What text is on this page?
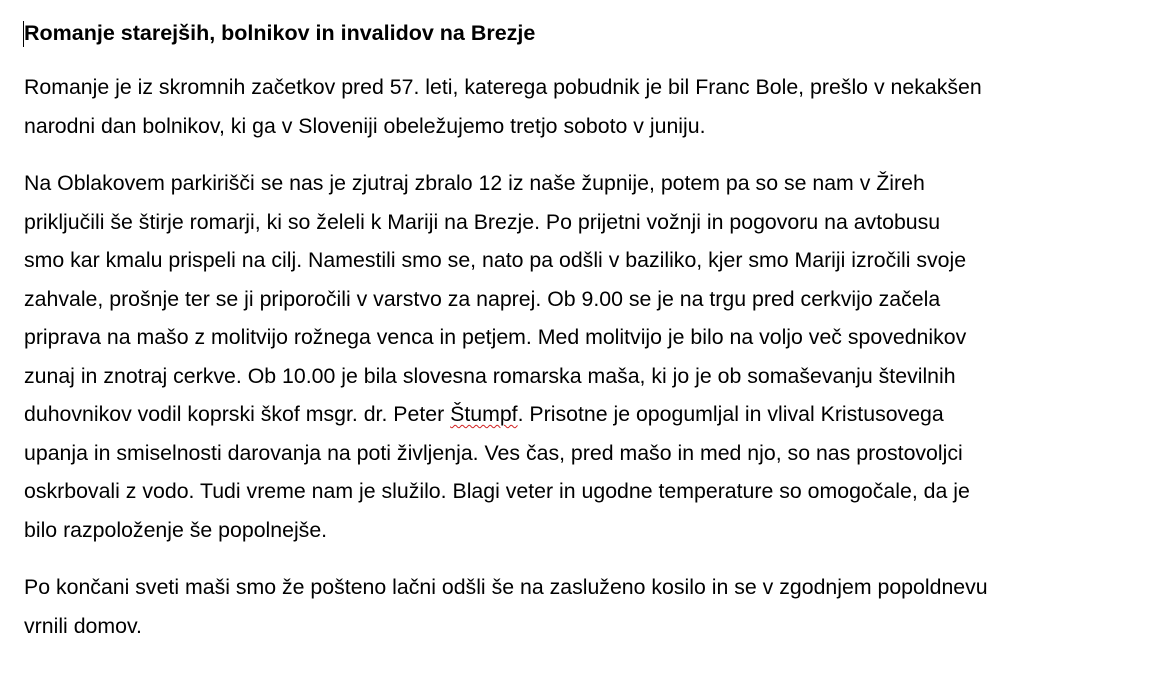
Romanje starejših, bolnikov in invalidov na Brezje
Romanje je iz skromnih začetkov pred 57. leti, katerega pobudnik je bil Franc Bole, prešlo v nekakšen
narodni dan bolnikov, ki ga v Sloveniji obeležujemo tretjo soboto v juniju.
Na Oblakovem parkirišči se nas je zjutraj zbralo 12 iz naše župnije, potem pa so se nam v Žireh
priključili še štirje romarji, ki so želeli k Mariji na Brezje. Po prijetni vožnji in pogovoru na avtobusu
smo kar kmalu prispeli na cilj. Namestili smo se, nato pa odšli v baziliko, kjer smo Mariji izročili svoje
zahvale, prošnje ter se ji priporočili v varstvo za naprej. Ob 9.00 se je na trgu pred cerkvijo začela
priprava na mašo z molitvijo rožnega venca in petjem. Med molitvijo je bilo na voljo več spovednikov
zunaj in znotraj cerkve. Ob 10.00 je bila slovesna romarska maša, ki jo je ob somaševanju številnih
duhovnikov vodil koprski škof msgr. dr. Peter Štumpf. Prisotne je opogumljal in vlival Kristusovega
upanja in smiselnosti darovanja na poti življenja. Ves čas, pred mašo in med njo, so nas prostovoljci
oskrbovali z vodo. Tudi vreme nam je služilo. Blagi veter in ugodne temperature so omogočale, da je
bilo razpoloženje še popolnejše.
Po končani sveti maši smo že pošteno lačni odšli še na zasluženo kosilo in se v zgodnjem popoldnevu
vrnili domov.
